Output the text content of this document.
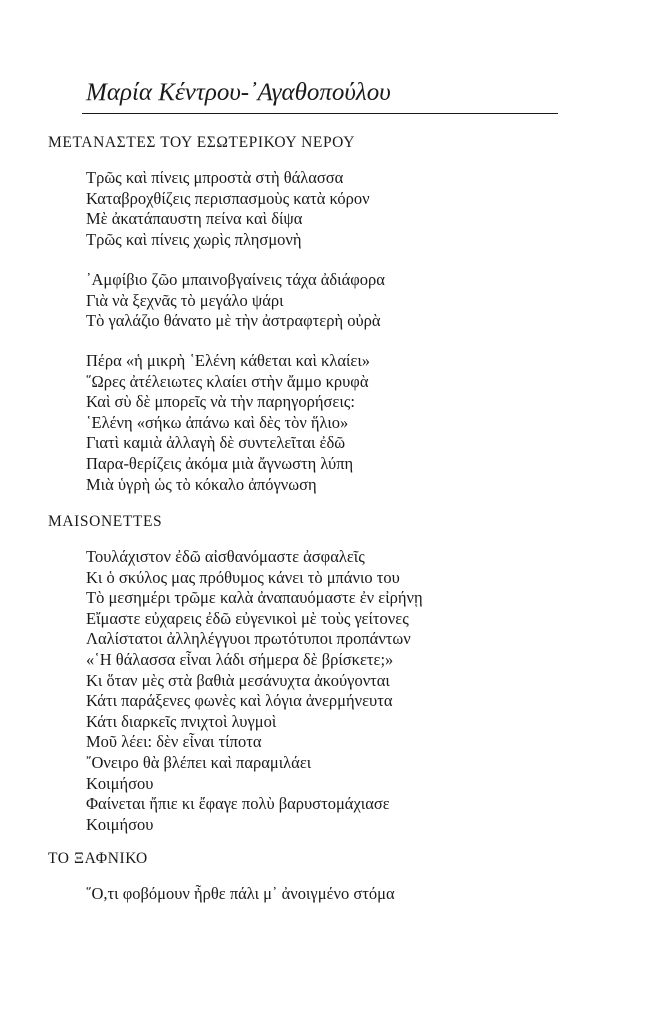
Μαρία Κέντρου-᾿Αγαθοπούλου
ΜΕΤΑΝΑΣΤΕΣ ΤΟΥ ΕΣΩΤΕΡΙΚΟΥ ΝΕΡΟΥ
Τρῶς καὶ πίνεις μπροστὰ στὴ θάλασσα
Καταβροχθίζεις περισπασμοὺς κατὰ κόρον
Μὲ ἀκατάπαυστη πείνα καὶ δίψα
Τρῶς καὶ πίνεις χωρὶς πλησμονὴ
᾿Αμφίβιο ζῶο μπαινοβγαίνεις τάχα ἀδιάφορα
Γιὰ νὰ ξεχνᾶς τὸ μεγάλο ψάρι
Τὸ γαλάζιο θάνατο μὲ τὴν ἀστραφτερὴ οὐρὰ
Πέρα «ἡ μικρὴ ῾Ελένη κάθεται καὶ κλαίει»
῞Ωρες ἀτέλειωτες κλαίει στὴν ἄμμο κρυφὰ
Καὶ σὺ δὲ μπορεῖς νὰ τὴν παρηγορήσεις:
῾Ελένη «σήκω ἀπάνω καὶ δὲς τὸν ἥλιο»
Γιατὶ καμιὰ ἀλλαγὴ δὲ συντελεῖται ἐδῶ
Παρα-θερίζεις ἀκόμα μιὰ ἄγνωστη λύπη
Μιὰ ὑγρὴ ὡς τὸ κόκαλο ἀπόγνωση
MAISONETTES
Τουλάχιστον ἐδῶ αἰσθανόμαστε ἀσφαλεῖς
Κι ὁ σκύλος μας πρόθυμος κάνει τὸ μπάνιο του
Τὸ μεσημέρι τρῶμε καλὰ ἀναπαυόμαστε ἐν εἰρήνῃ
Εἴμαστε εὐχαρεις ἐδῶ εὐγενικοὶ μὲ τοὺς γείτονες
Λαλίστατοι ἀλληλέγγυοι πρωτότυποι προπάντων
«῾Η θάλασσα εἶναι λάδι σήμερα δὲ βρίσκετε;»
Κι ὅταν μὲς στὰ βαθιὰ μεσάνυχτα ἀκούγονται
Κάτι παράξενες φωνὲς καὶ λόγια ἀνερμήνευτα
Κάτι διαρκεῖς πνιχτοὶ λυγμοὶ
Μοῦ λέει: δὲν εἶναι τίποτα
῎Ονειρο θὰ βλέπει καὶ παραμιλάει
Κοιμήσου
Φαίνεται ἤπιε κι ἔφαγε πολὺ βαρυστομάχιασε
Κοιμήσου
ΤΟ ΞΑΦΝΙΚΟ
῞Ο,τι φοβόμουν ἦρθε πάλι μ᾿ ἀνοιγμένο στόμα
